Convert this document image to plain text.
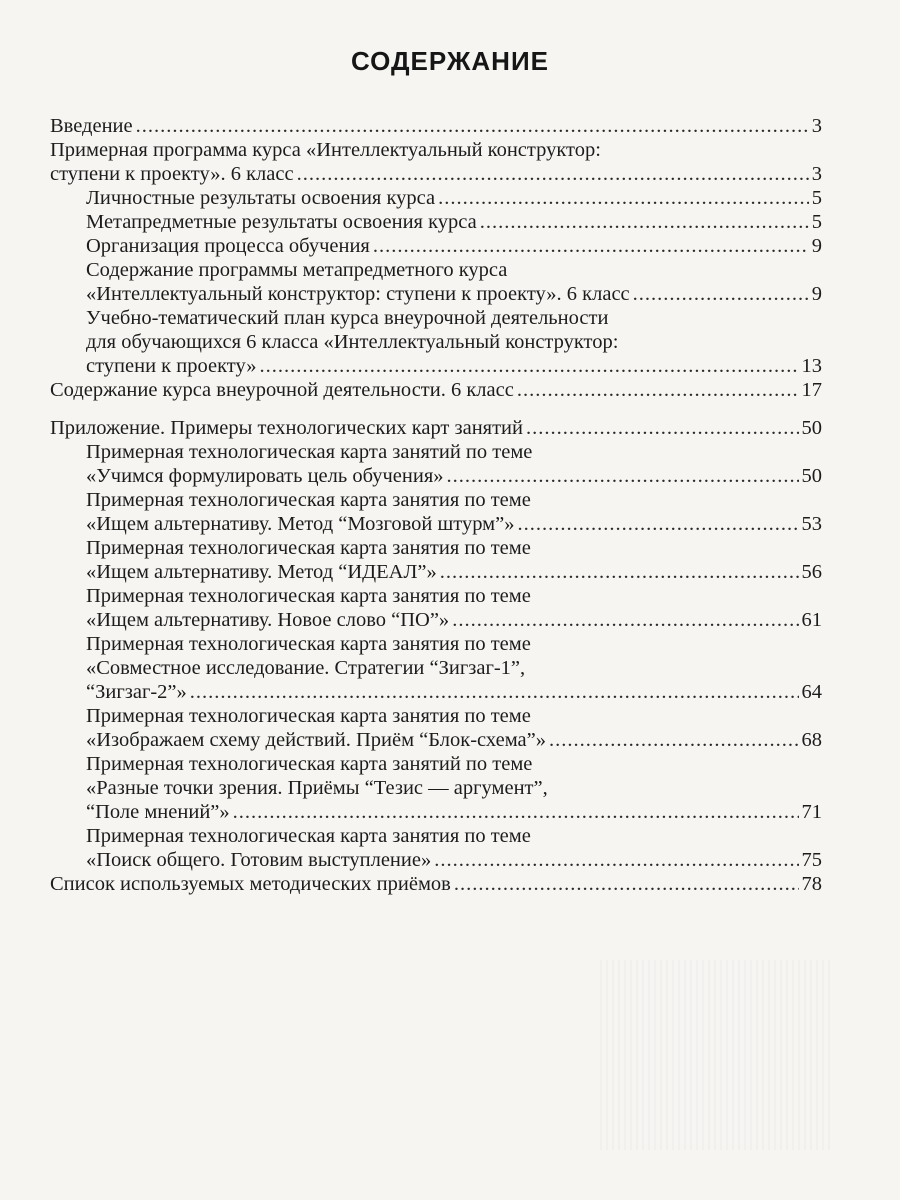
СОДЕРЖАНИЕ
Введение .....	3
Примерная программа курса «Интеллектуальный конструктор:
ступени к проекту». 6 класс .....	3
Личностные результаты освоения курса .....	5
Метапредметные результаты освоения курса .....	5
Организация процесса обучения .....	9
Содержание программы метапредметного курса
«Интеллектуальный конструктор: ступени к проекту». 6 класс .....	9
Учебно-тематический план курса внеурочной деятельности
для обучающихся 6 класса «Интеллектуальный конструктор:
ступени к проекту» .....	13
Содержание курса внеурочной деятельности. 6 класс .....	17
Приложение. Примеры технологических карт занятий .....	50
Примерная технологическая карта занятий по теме
«Учимся формулировать цель обучения» .....	50
Примерная технологическая карта занятия по теме
«Ищем альтернативу. Метод “Мозговой штурм”» .....	53
Примерная технологическая карта занятия по теме
«Ищем альтернативу. Метод “ИДЕАЛ”» .....	56
Примерная технологическая карта занятия по теме
«Ищем альтернативу. Новое слово “ПО”» .....	61
Примерная технологическая карта занятия по теме
«Совместное исследование. Стратегии “Зигзаг-1”,
“Зигзаг-2”» .....	64
Примерная технологическая карта занятия по теме
«Изображаем схему действий. Приём “Блок-схема”» .....	68
Примерная технологическая карта занятий по теме
«Разные точки зрения. Приёмы “Тезис — аргумент”,
“Поле мнений”» .....	71
Примерная технологическая карта занятия по теме
«Поиск общего. Готовим выступление» .....	75
Список используемых методических приёмов .....	78
